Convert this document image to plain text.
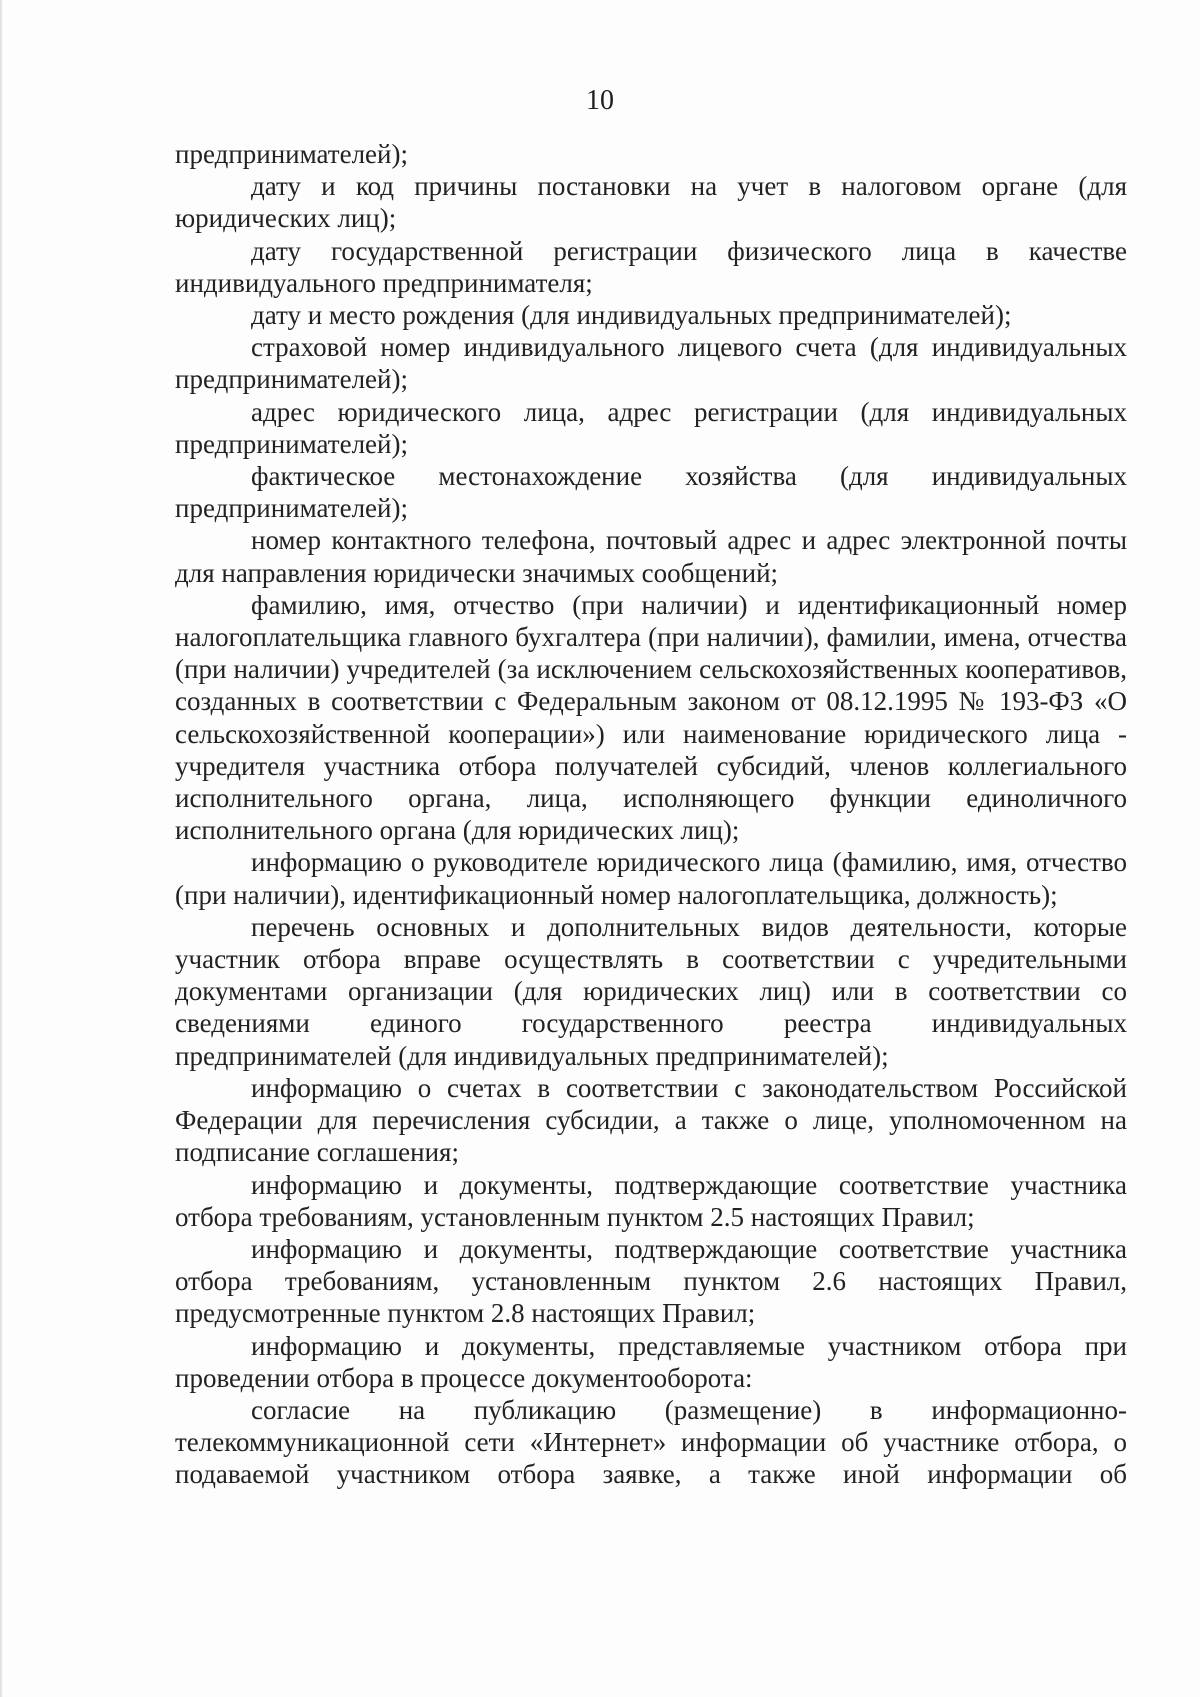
10

предпринимателей);

дату и код причины постановки на учет в налоговом органе (для юридических лиц);

дату государственной регистрации физического лица в качестве индивидуального предпринимателя;

дату и место рождения (для индивидуальных предпринимателей);

страховой номер индивидуального лицевого счета (для индивидуальных предпринимателей);

адрес юридического лица, адрес регистрации (для индивидуальных предпринимателей);

фактическое местонахождение хозяйства (для индивидуальных предпринимателей);

номер контактного телефона, почтовый адрес и адрес электронной почты для направления юридически значимых сообщений;

фамилию, имя, отчество (при наличии) и идентификационный номер налогоплательщика главного бухгалтера (при наличии), фамилии, имена, отчества (при наличии) учредителей (за исключением сельскохозяйственных кооперативов, созданных в соответствии с Федеральным законом от 08.12.1995 № 193-ФЗ «О сельскохозяйственной кооперации») или наименование юридического лица - учредителя участника отбора получателей субсидий, членов коллегиального исполнительного органа, лица, исполняющего функции единоличного исполнительного органа (для юридических лиц);

информацию о руководителе юридического лица (фамилию, имя, отчество (при наличии), идентификационный номер налогоплательщика, должность);

перечень основных и дополнительных видов деятельности, которые участник отбора вправе осуществлять в соответствии с учредительными документами организации (для юридических лиц) или в соответствии со сведениями единого государственного реестра индивидуальных предпринимателей (для индивидуальных предпринимателей);

информацию о счетах в соответствии с законодательством Российской Федерации для перечисления субсидии, а также о лице, уполномоченном на подписание соглашения;

информацию и документы, подтверждающие соответствие участника отбора требованиям, установленным пунктом 2.5 настоящих Правил;

информацию и документы, подтверждающие соответствие участника отбора требованиям, установленным пунктом 2.6 настоящих Правил, предусмотренные пунктом 2.8 настоящих Правил;

информацию и документы, представляемые участником отбора при проведении отбора в процессе документооборота:

согласие на публикацию (размещение) в информационно-телекоммуникационной сети «Интернет» информации об участнике отбора, о подаваемой участником отбора заявке, а также иной информации об
